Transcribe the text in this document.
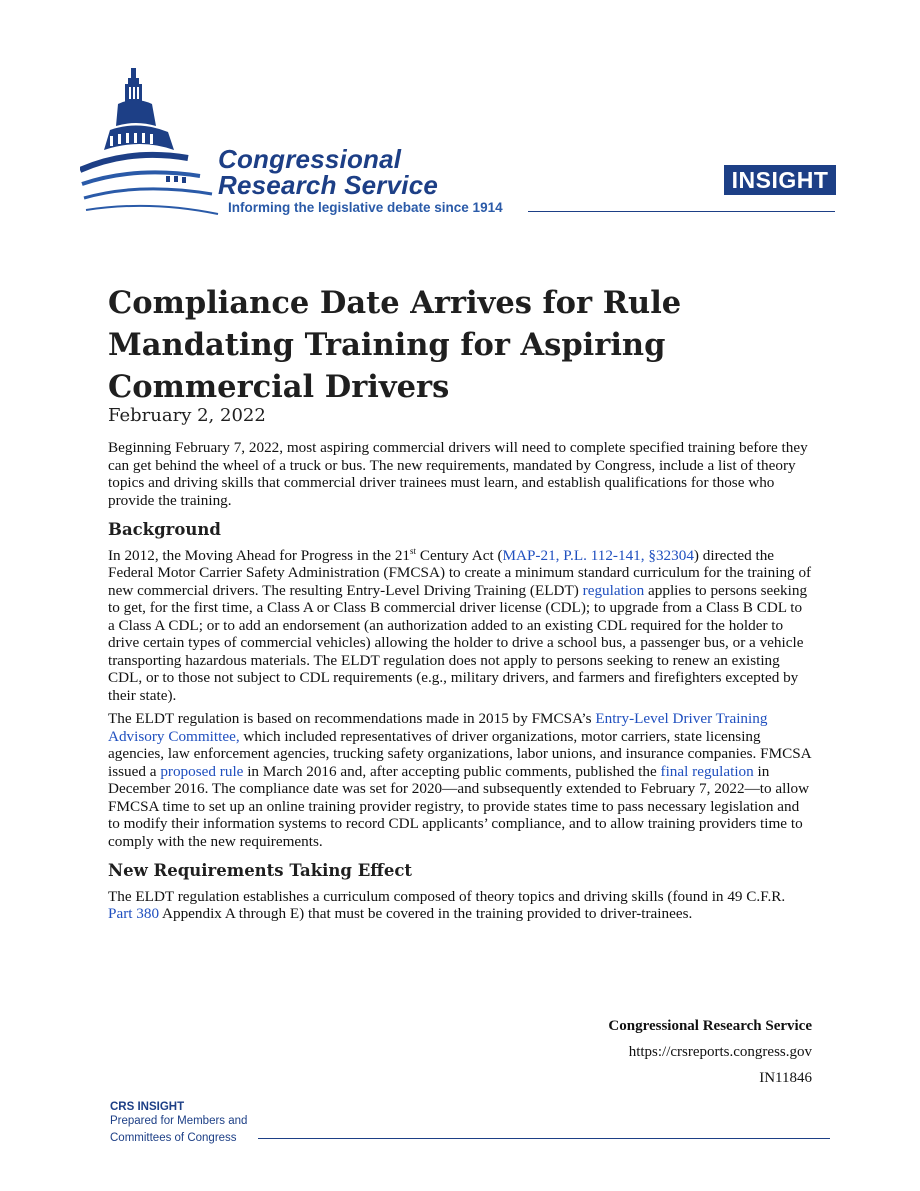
Congressional
Research Service
Informing the legislative debate since 1914
INSIGHT
Compliance Date Arrives for Rule Mandating Training for Aspiring Commercial Drivers
February 2, 2022

Beginning February 7, 2022, most aspiring commercial drivers will need to complete specified training before they can get behind the wheel of a truck or bus. The new requirements, mandated by Congress, include a list of theory topics and driving skills that commercial driver trainees must learn, and establish qualifications for those who provide the training.

Background

In 2012, the Moving Ahead for Progress in the 21st Century Act (MAP-21, P.L. 112-141, §32304) directed the Federal Motor Carrier Safety Administration (FMCSA) to create a minimum standard curriculum for the training of new commercial drivers. The resulting Entry-Level Driving Training (ELDT) regulation applies to persons seeking to get, for the first time, a Class A or Class B commercial driver license (CDL); to upgrade from a Class B CDL to a Class A CDL; or to add an endorsement (an authorization added to an existing CDL required for the holder to drive certain types of commercial vehicles) allowing the holder to drive a school bus, a passenger bus, or a vehicle transporting hazardous materials. The ELDT regulation does not apply to persons seeking to renew an existing CDL, or to those not subject to CDL requirements (e.g., military drivers, and farmers and firefighters excepted by their state).

The ELDT regulation is based on recommendations made in 2015 by FMCSA’s Entry-Level Driver Training Advisory Committee, which included representatives of driver organizations, motor carriers, state licensing agencies, law enforcement agencies, trucking safety organizations, labor unions, and insurance companies. FMCSA issued a proposed rule in March 2016 and, after accepting public comments, published the final regulation in December 2016. The compliance date was set for 2020—and subsequently extended to February 7, 2022—to allow FMCSA time to set up an online training provider registry, to provide states time to pass necessary legislation and to modify their information systems to record CDL applicants’ compliance, and to allow training providers time to comply with the new requirements.

New Requirements Taking Effect

The ELDT regulation establishes a curriculum composed of theory topics and driving skills (found in 49 C.F.R. Part 380 Appendix A through E) that must be covered in the training provided to driver-trainees.

Congressional Research Service
https://crsreports.congress.gov
IN11846
CRS INSIGHT
Prepared for Members and
Committees of Congress
